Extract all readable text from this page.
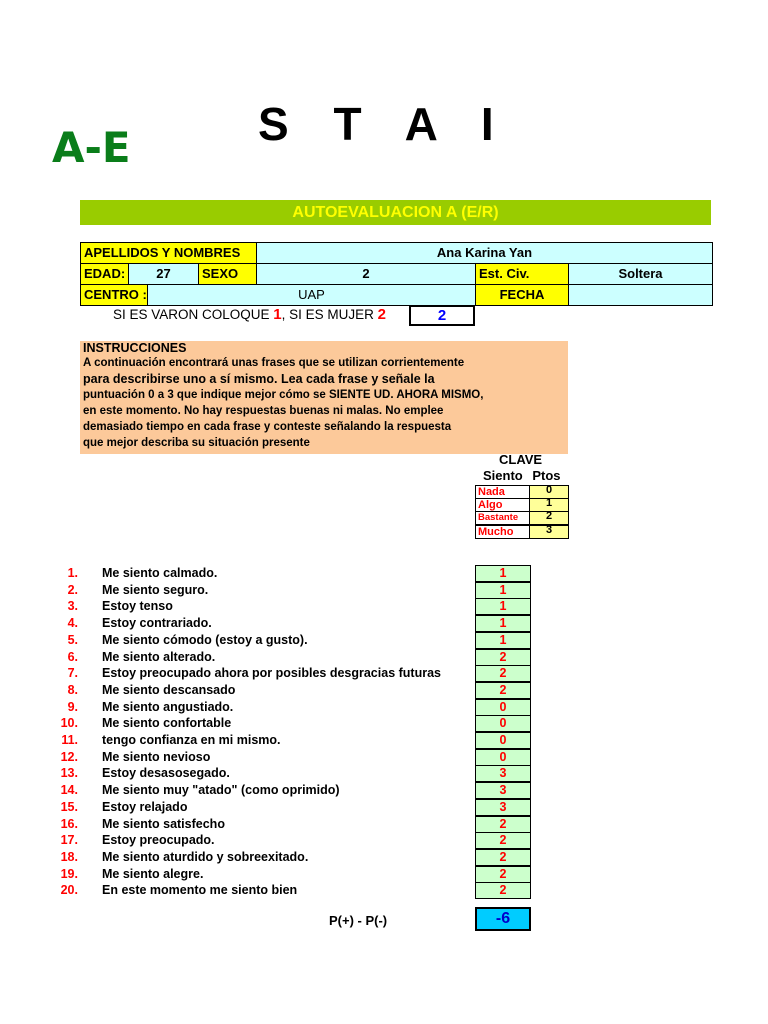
S T A I
A-E
AUTOEVALUACION A (E/R)
APELLIDOS Y NOMBRES	Ana Karina Yan
EDAD:	27	SEXO	2	Est. Civ.	Soltera
CENTRO :	UAP	FECHA
SI ES VARON COLOQUE 1, SI ES MUJER 2	2
INSTRUCCIONES
A continuación encontrará unas frases que se utilizan corrientemente
para describirse uno a sí mismo. Lea cada frase y señale la
puntuación 0 a 3 que indique mejor cómo se SIENTE UD. AHORA MISMO,
en este momento. No hay respuestas buenas ni malas. No emplee
demasiado tiempo en cada frase y conteste señalando la respuesta
que mejor describa su situación presente
CLAVE
Siento Ptos
Nada	0
Algo	1
Bastante	2
Mucho	3
1. Me siento calmado.	1
2. Me siento seguro.	1
3. Estoy tenso	1
4. Estoy contrariado.	1
5. Me siento cómodo (estoy a gusto).	1
6. Me siento alterado.	2
7. Estoy preocupado ahora por posibles desgracias futuras	2
8. Me siento descansado	2
9. Me siento angustiado.	0
10. Me siento confortable	0
11. tengo confianza en mi mismo.	0
12. Me siento nevioso	0
13. Estoy desasosegado.	3
14. Me siento muy "atado" (como oprimido)	3
15. Estoy relajado	3
16. Me siento satisfecho	2
17. Estoy preocupado.	2
18. Me siento aturdido y sobreexitado.	2
19. Me siento alegre.	2
20. En este momento me siento bien	2
P(+) - P(-)	-6
